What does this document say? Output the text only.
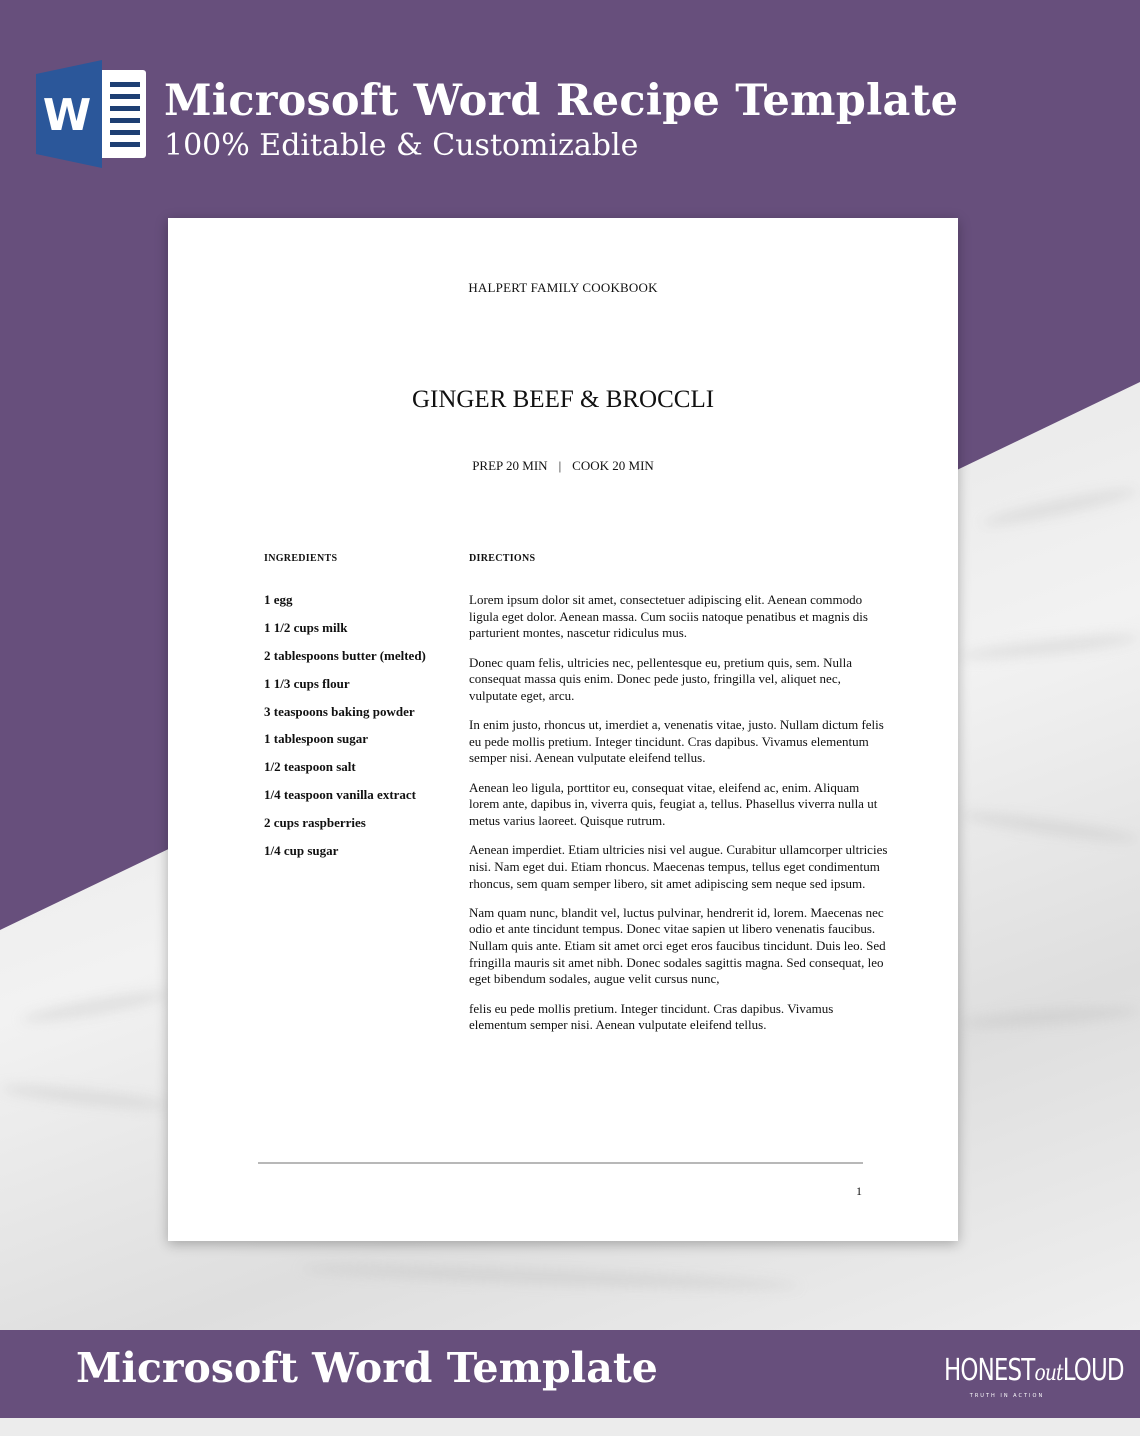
W Microsoft Word Recipe Template
100% Editable & Customizable
HALPERT FAMILY COOKBOOK
GINGER BEEF & BROCCLI
PREP 20 MIN | COOK 20 MIN
INGREDIENTS	DIRECTIONS
1 egg
1 1/2 cups milk
2 tablespoons butter (melted)
1 1/3 cups flour
3 teaspoons baking powder
1 tablespoon sugar
1/2 teaspoon salt
1/4 teaspoon vanilla extract
2 cups raspberries
1/4 cup sugar

Lorem ipsum dolor sit amet, consectetuer adipiscing elit. Aenean commodo ligula eget dolor. Aenean massa. Cum sociis natoque penatibus et magnis dis parturient montes, nascetur ridiculus mus.

Donec quam felis, ultricies nec, pellentesque eu, pretium quis, sem. Nulla consequat massa quis enim. Donec pede justo, fringilla vel, aliquet nec, vulputate eget, arcu.

In enim justo, rhoncus ut, imerdiet a, venenatis vitae, justo. Nullam dictum felis eu pede mollis pretium. Integer tincidunt. Cras dapibus. Vivamus elementum semper nisi. Aenean vulputate eleifend tellus.

Aenean leo ligula, porttitor eu, consequat vitae, eleifend ac, enim. Aliquam lorem ante, dapibus in, viverra quis, feugiat a, tellus. Phasellus viverra nulla ut metus varius laoreet. Quisque rutrum.

Aenean imperdiet. Etiam ultricies nisi vel augue. Curabitur ullamcorper ultricies nisi. Nam eget dui. Etiam rhoncus. Maecenas tempus, tellus eget condimentum rhoncus, sem quam semper libero, sit amet adipiscing sem neque sed ipsum.

Nam quam nunc, blandit vel, luctus pulvinar, hendrerit id, lorem. Maecenas nec odio et ante tincidunt tempus. Donec vitae sapien ut libero venenatis faucibus. Nullam quis ante. Etiam sit amet orci eget eros faucibus tincidunt. Duis leo. Sed fringilla mauris sit amet nibh. Donec sodales sagittis magna. Sed consequat, leo eget bibendum sodales, augue velit cursus nunc,

felis eu pede mollis pretium. Integer tincidunt. Cras dapibus. Vivamus elementum semper nisi. Aenean vulputate eleifend tellus.

1
Microsoft Word Template	HONESToutLOUD
TRUTH IN ACTION
